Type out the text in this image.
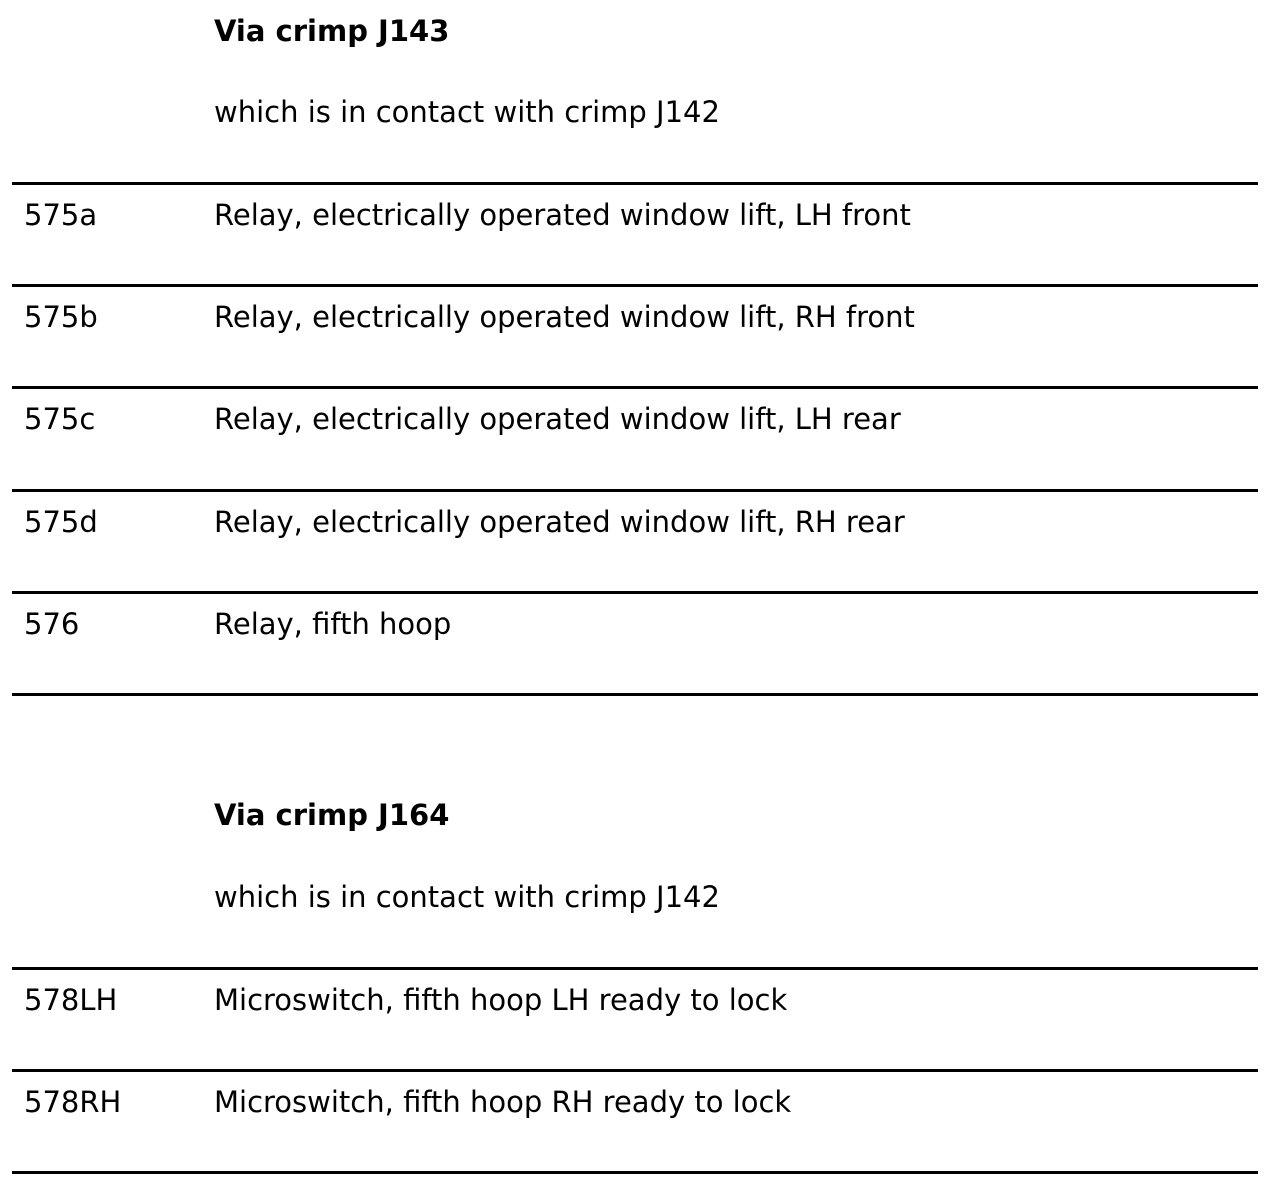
Via crimp J143
which is in contact with crimp J142
575a	Relay, electrically operated window lift, LH front
575b	Relay, electrically operated window lift, RH front
575c	Relay, electrically operated window lift, LH rear
575d	Relay, electrically operated window lift, RH rear
576	Relay, fifth hoop
Via crimp J164
which is in contact with crimp J142
578LH	Microswitch, fifth hoop LH ready to lock
578RH	Microswitch, fifth hoop RH ready to lock
